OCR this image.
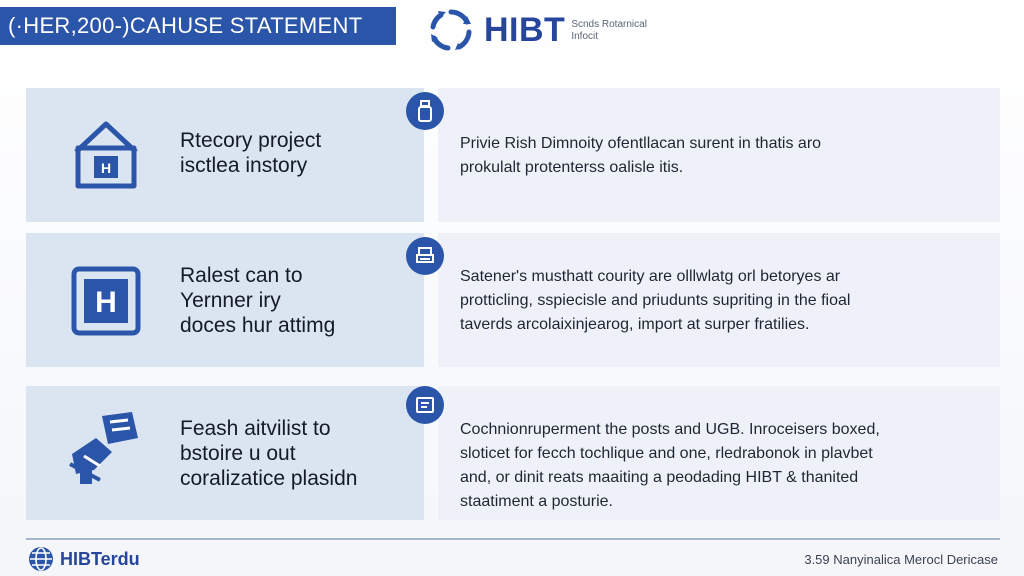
(·HER,200-)CAHUSE STATEMENT	HIBT Scnds Rotarnical
Infocit
H
Rtecory project
isctlea instory
Privie Rish Dimnoity ofentllacan surent in thatis aro
prokulalt protenterss oalisle itis.
H
Ralest can to
Yernner iry
doces hur attimg
Satener's musthatt courity are olllwlatg orl betoryes ar
protticling, sspiecisle and priudunts supriting in the fioal
taverds arcolaixinjearog, import at surper fratilies.
Feash aitvilist to
bstoire u out
coralizatice plasidn
Cochnionruperment the posts and UGB. Inroceisers boxed,
sloticet for fecch tochlique and one, rledrabonok in plavbet
and, or dinit reats maaiting a peodading HIBT & thanited
staatiment a posturie.
HIBTerdu	3.59 Nanyinalica Merocl Dericase
